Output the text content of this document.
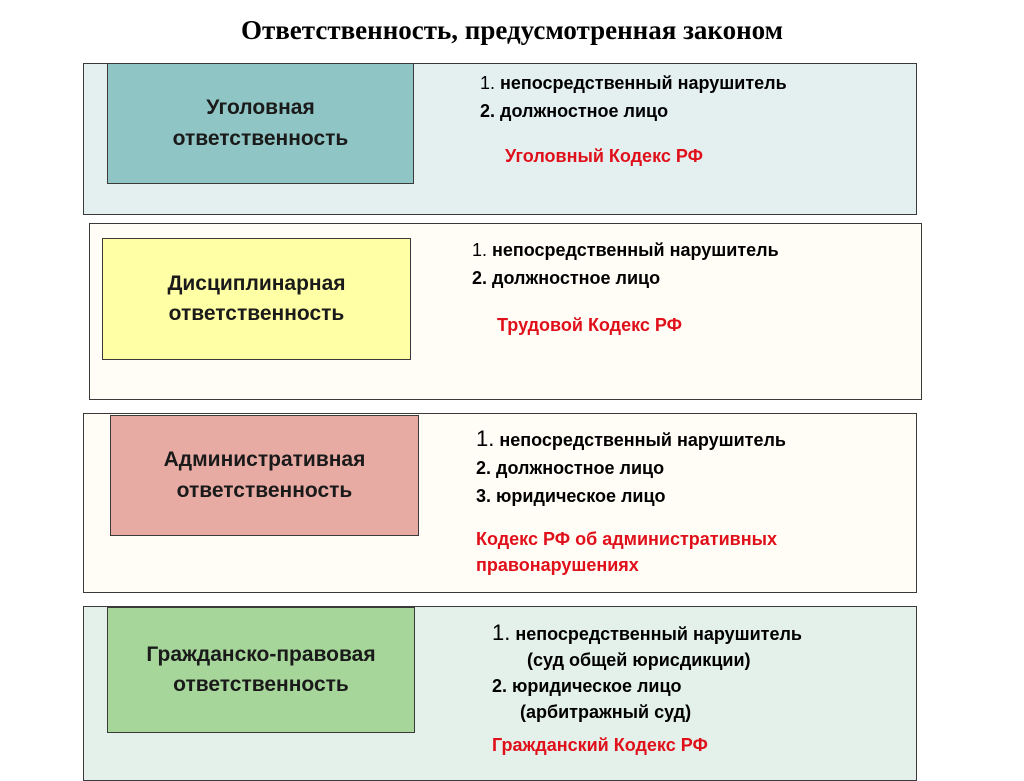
Ответственность, предусмотренная законом
Уголовная
ответственность
1. непосредственный нарушитель
2. должностное лицо
Уголовный Кодекс РФ
Дисциплинарная
ответственность
1. непосредственный нарушитель
2. должностное лицо
Трудовой Кодекс РФ
Административная
ответственность
1. непосредственный нарушитель
2. должностное лицо
3. юридическое лицо
Кодекс РФ об административных
правонарушениях
Гражданско-правовая
ответственность
1. непосредственный нарушитель
(суд общей юрисдикции)
2. юридическое лицо
(арбитражный суд)
Гражданский Кодекс РФ
